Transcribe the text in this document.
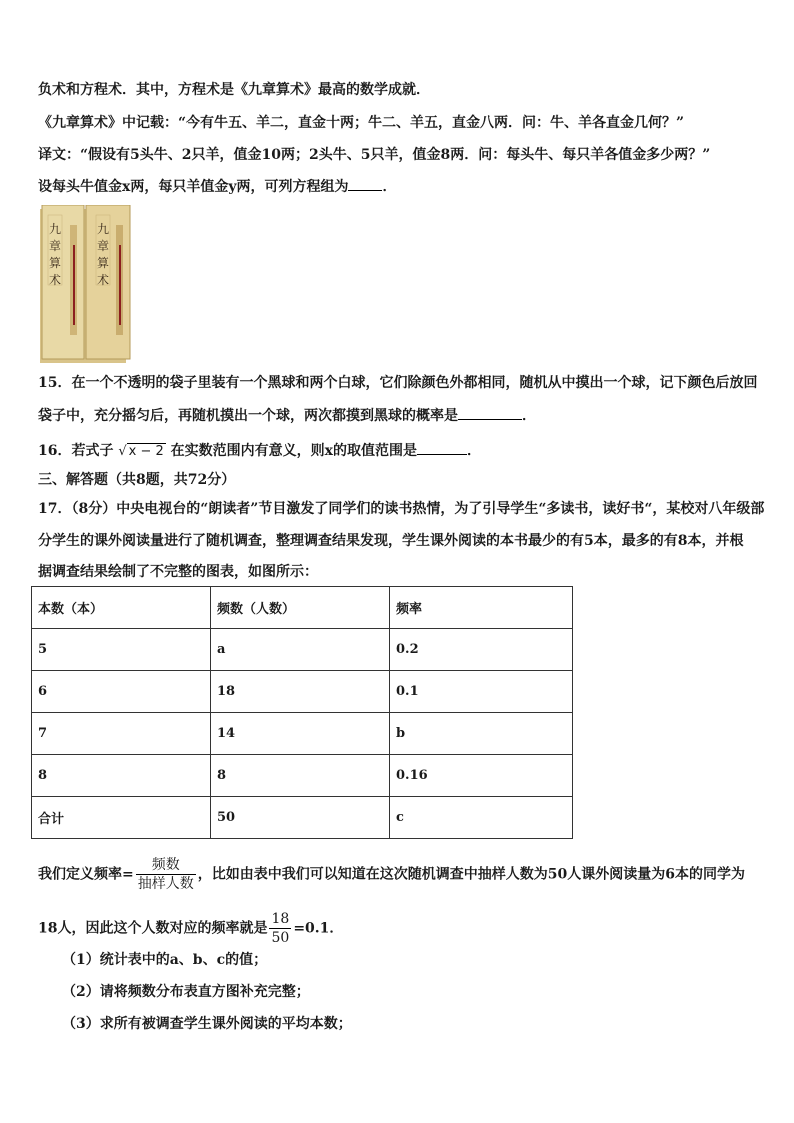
负术和方程术．其中，方程术是《九章算术》最高的数学成就．
《九章算术》中记载：“今有牛五、羊二，直金十两；牛二、羊五，直金八两．问：牛、羊各直金几何？”
译文：“假设有5头牛、2只羊，值金10两；2头牛、5只羊，值金8两．问：每头牛、每只羊各值金多少两？”
设每头牛值金x两，每只羊值金y两，可列方程组为 ．
九
章
算
术
九
章
算
术
15．在一个不透明的袋子里装有一个黑球和两个白球，它们除颜色外都相同，随机从中摸出一个球，记下颜色后放回
袋子中，充分摇匀后，再随机摸出一个球，两次都摸到黑球的概率是	．
16．若式子 √ x − 2 在实数范围内有意义，则x的取值范围是	．
三、解答题（共8题，共72分）
17．（8分）中央电视台的“朗读者”节目激发了同学们的读书热情，为了引导学生“多读书，读好书“，某校对八年级部
分学生的课外阅读量进行了随机调查，整理调查结果发现，学生课外阅读的本书最少的有5本，最多的有8本，并根
据调查结果绘制了不完整的图表，如图所示：
本数（本）	频数（人数）	频率
5	a	0.2
6	18	0.1
7	14	b
8	8	0.16
合计	50	c
我们定义频率= $\frac{\text{频数}}{\text{抽样人数}}$ ，比如由表中我们可以知道在这次随机调查中抽样人数为50人课外阅读量为6本的同学为
18人，因此这个人数对应的频率就是 $\frac{18}{50} =0.1$．
（1）统计表中的a、b、c的值；
（2）请将频数分布表直方图补充完整；
（3）求所有被调查学生课外阅读的平均本数；
